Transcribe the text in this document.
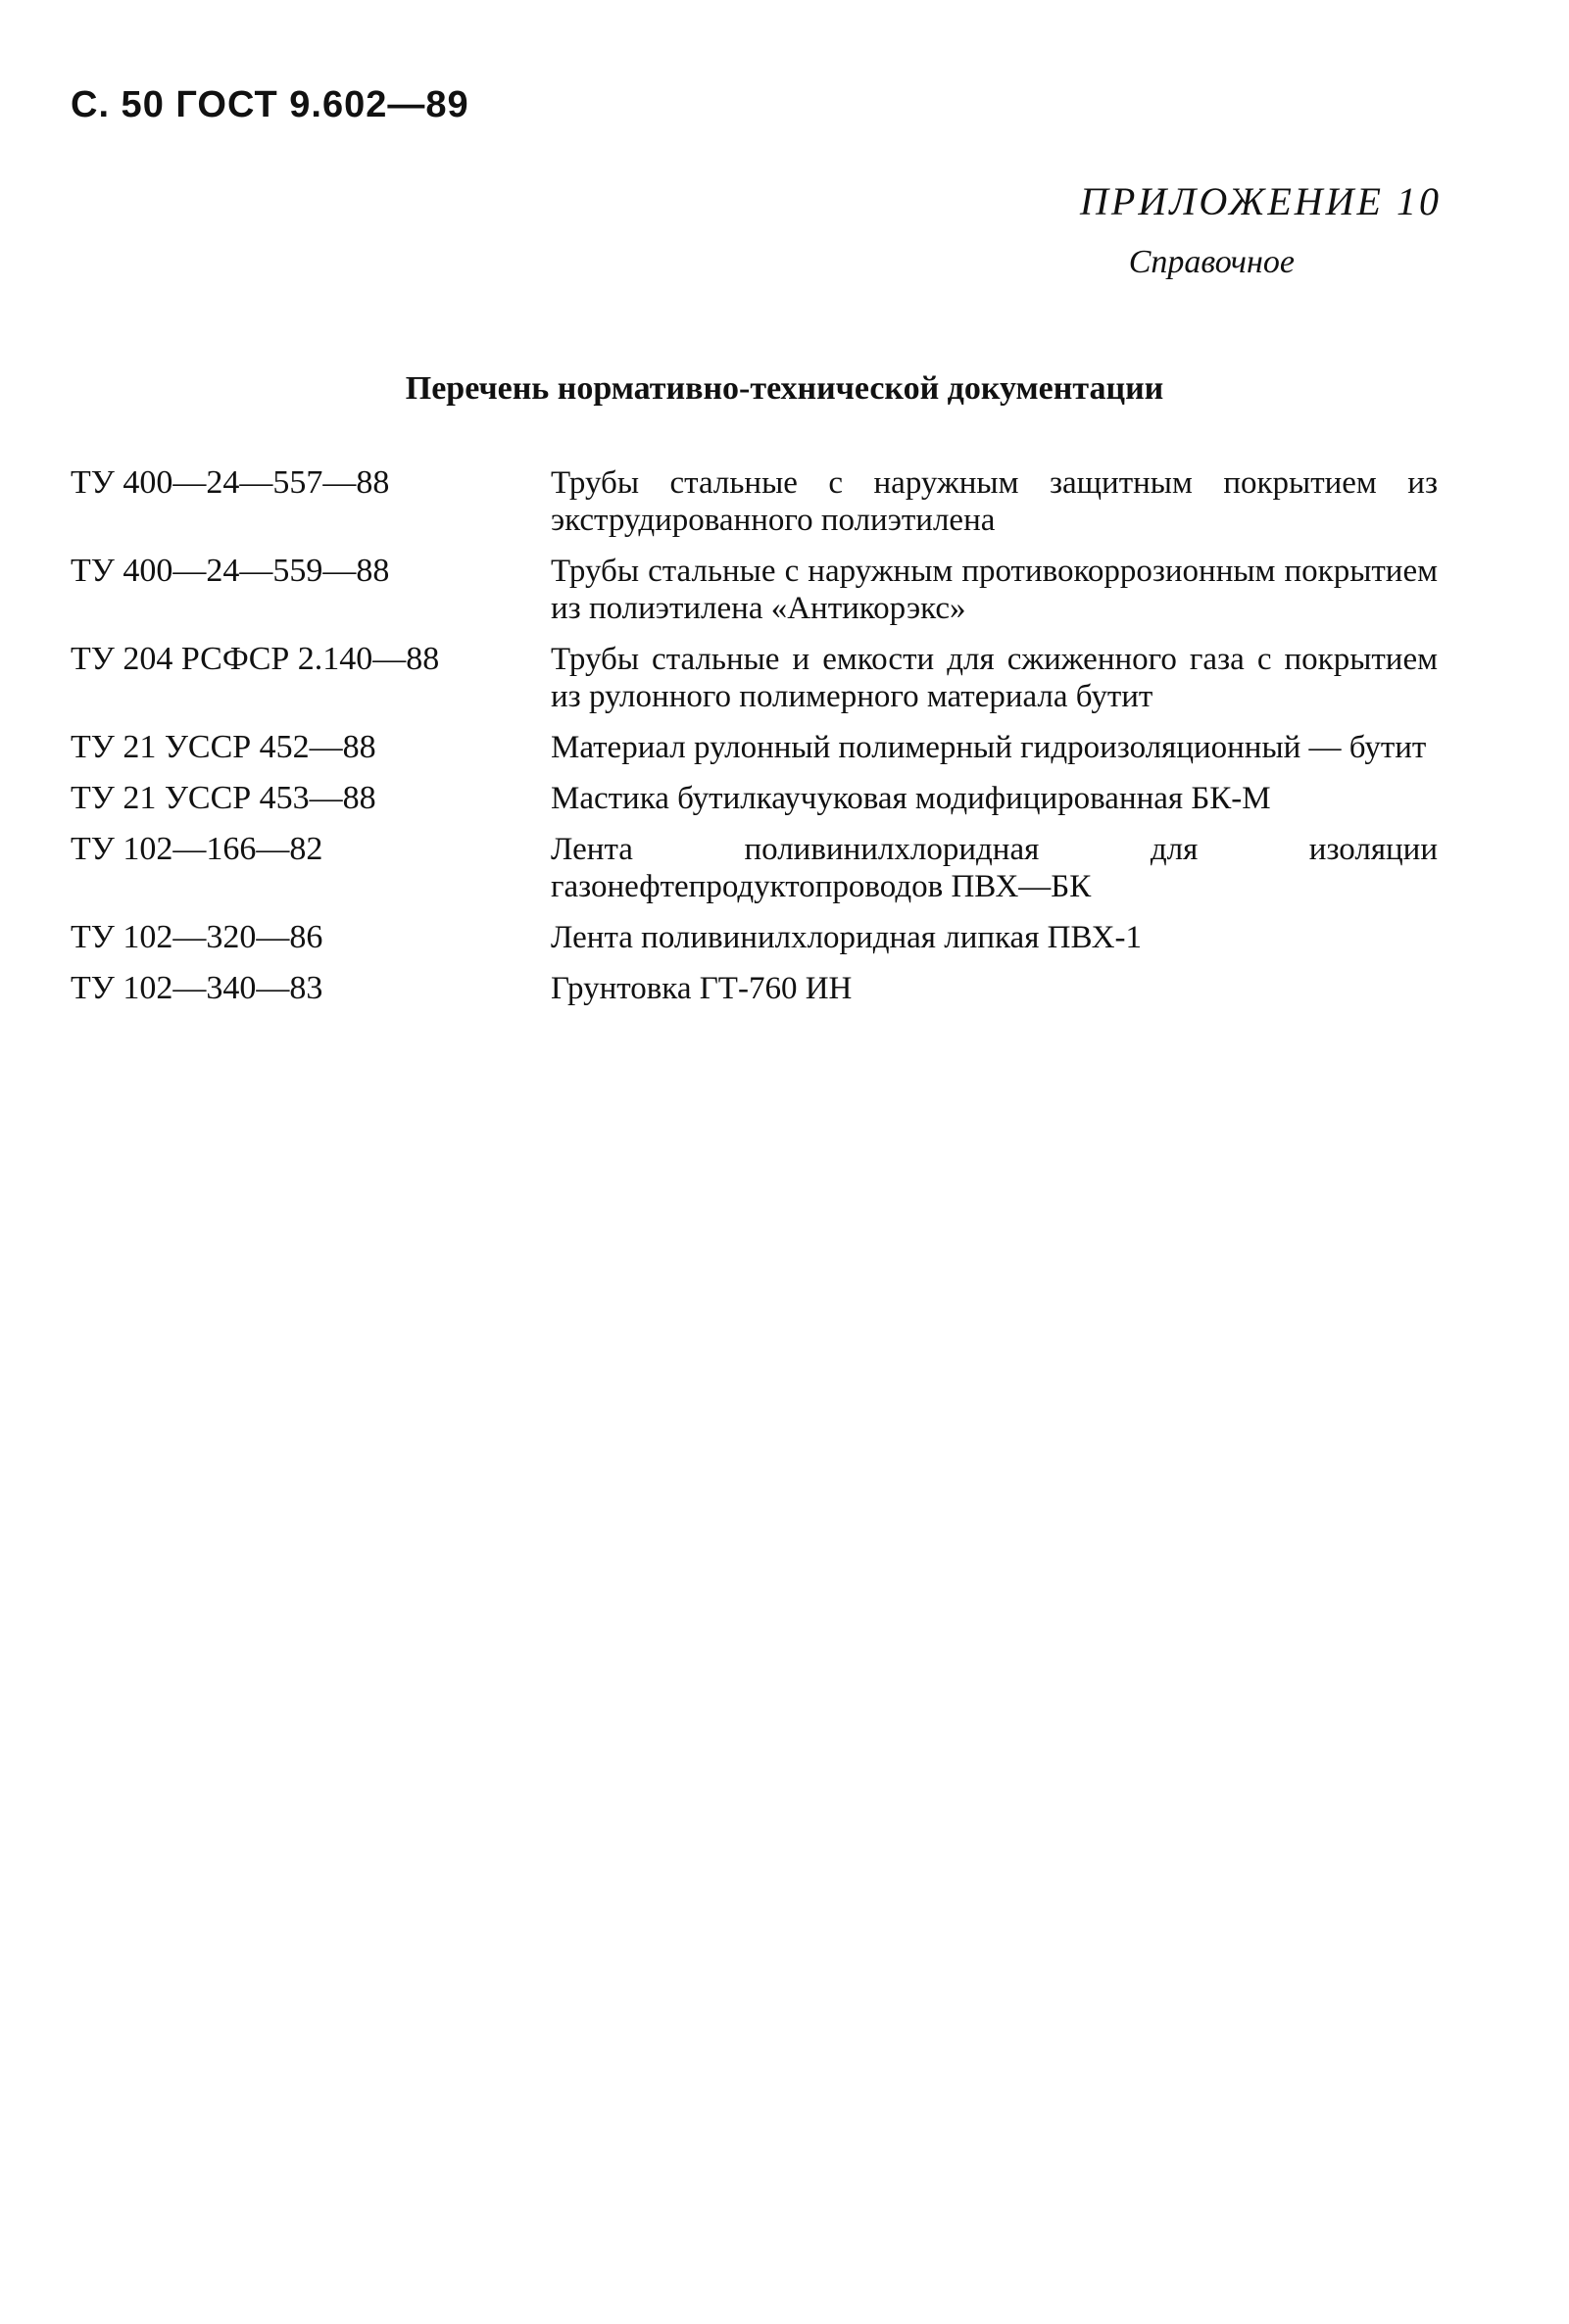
С. 50 ГОСТ 9.602—89
ПРИЛОЖЕНИЕ 10
Справочное
Перечень нормативно-технической документации
ТУ 400—24—557—88	Трубы стальные с наружным защитным покрытием из экструдированного полиэтилена
ТУ 400—24—559—88	Трубы стальные с наружным противокоррозионным покрытием из полиэтилена «Антикорэкс»
ТУ 204 РСФСР 2.140—88	Трубы стальные и емкости для сжиженного газа с покрытием из рулонного полимерного материала бутит
ТУ 21 УССР 452—88	Материал рулонный полимерный гидроизоляционный — бутит
ТУ 21 УССР 453—88	Мастика бутилкаучуковая модифицированная БК-М
ТУ 102—166—82	Лента поливинилхлоридная для изоляции газонефтепродуктопроводов ПВХ—БК
ТУ 102—320—86	Лента поливинилхлоридная липкая ПВХ-1
ТУ 102—340—83	Грунтовка ГТ-760 ИН
